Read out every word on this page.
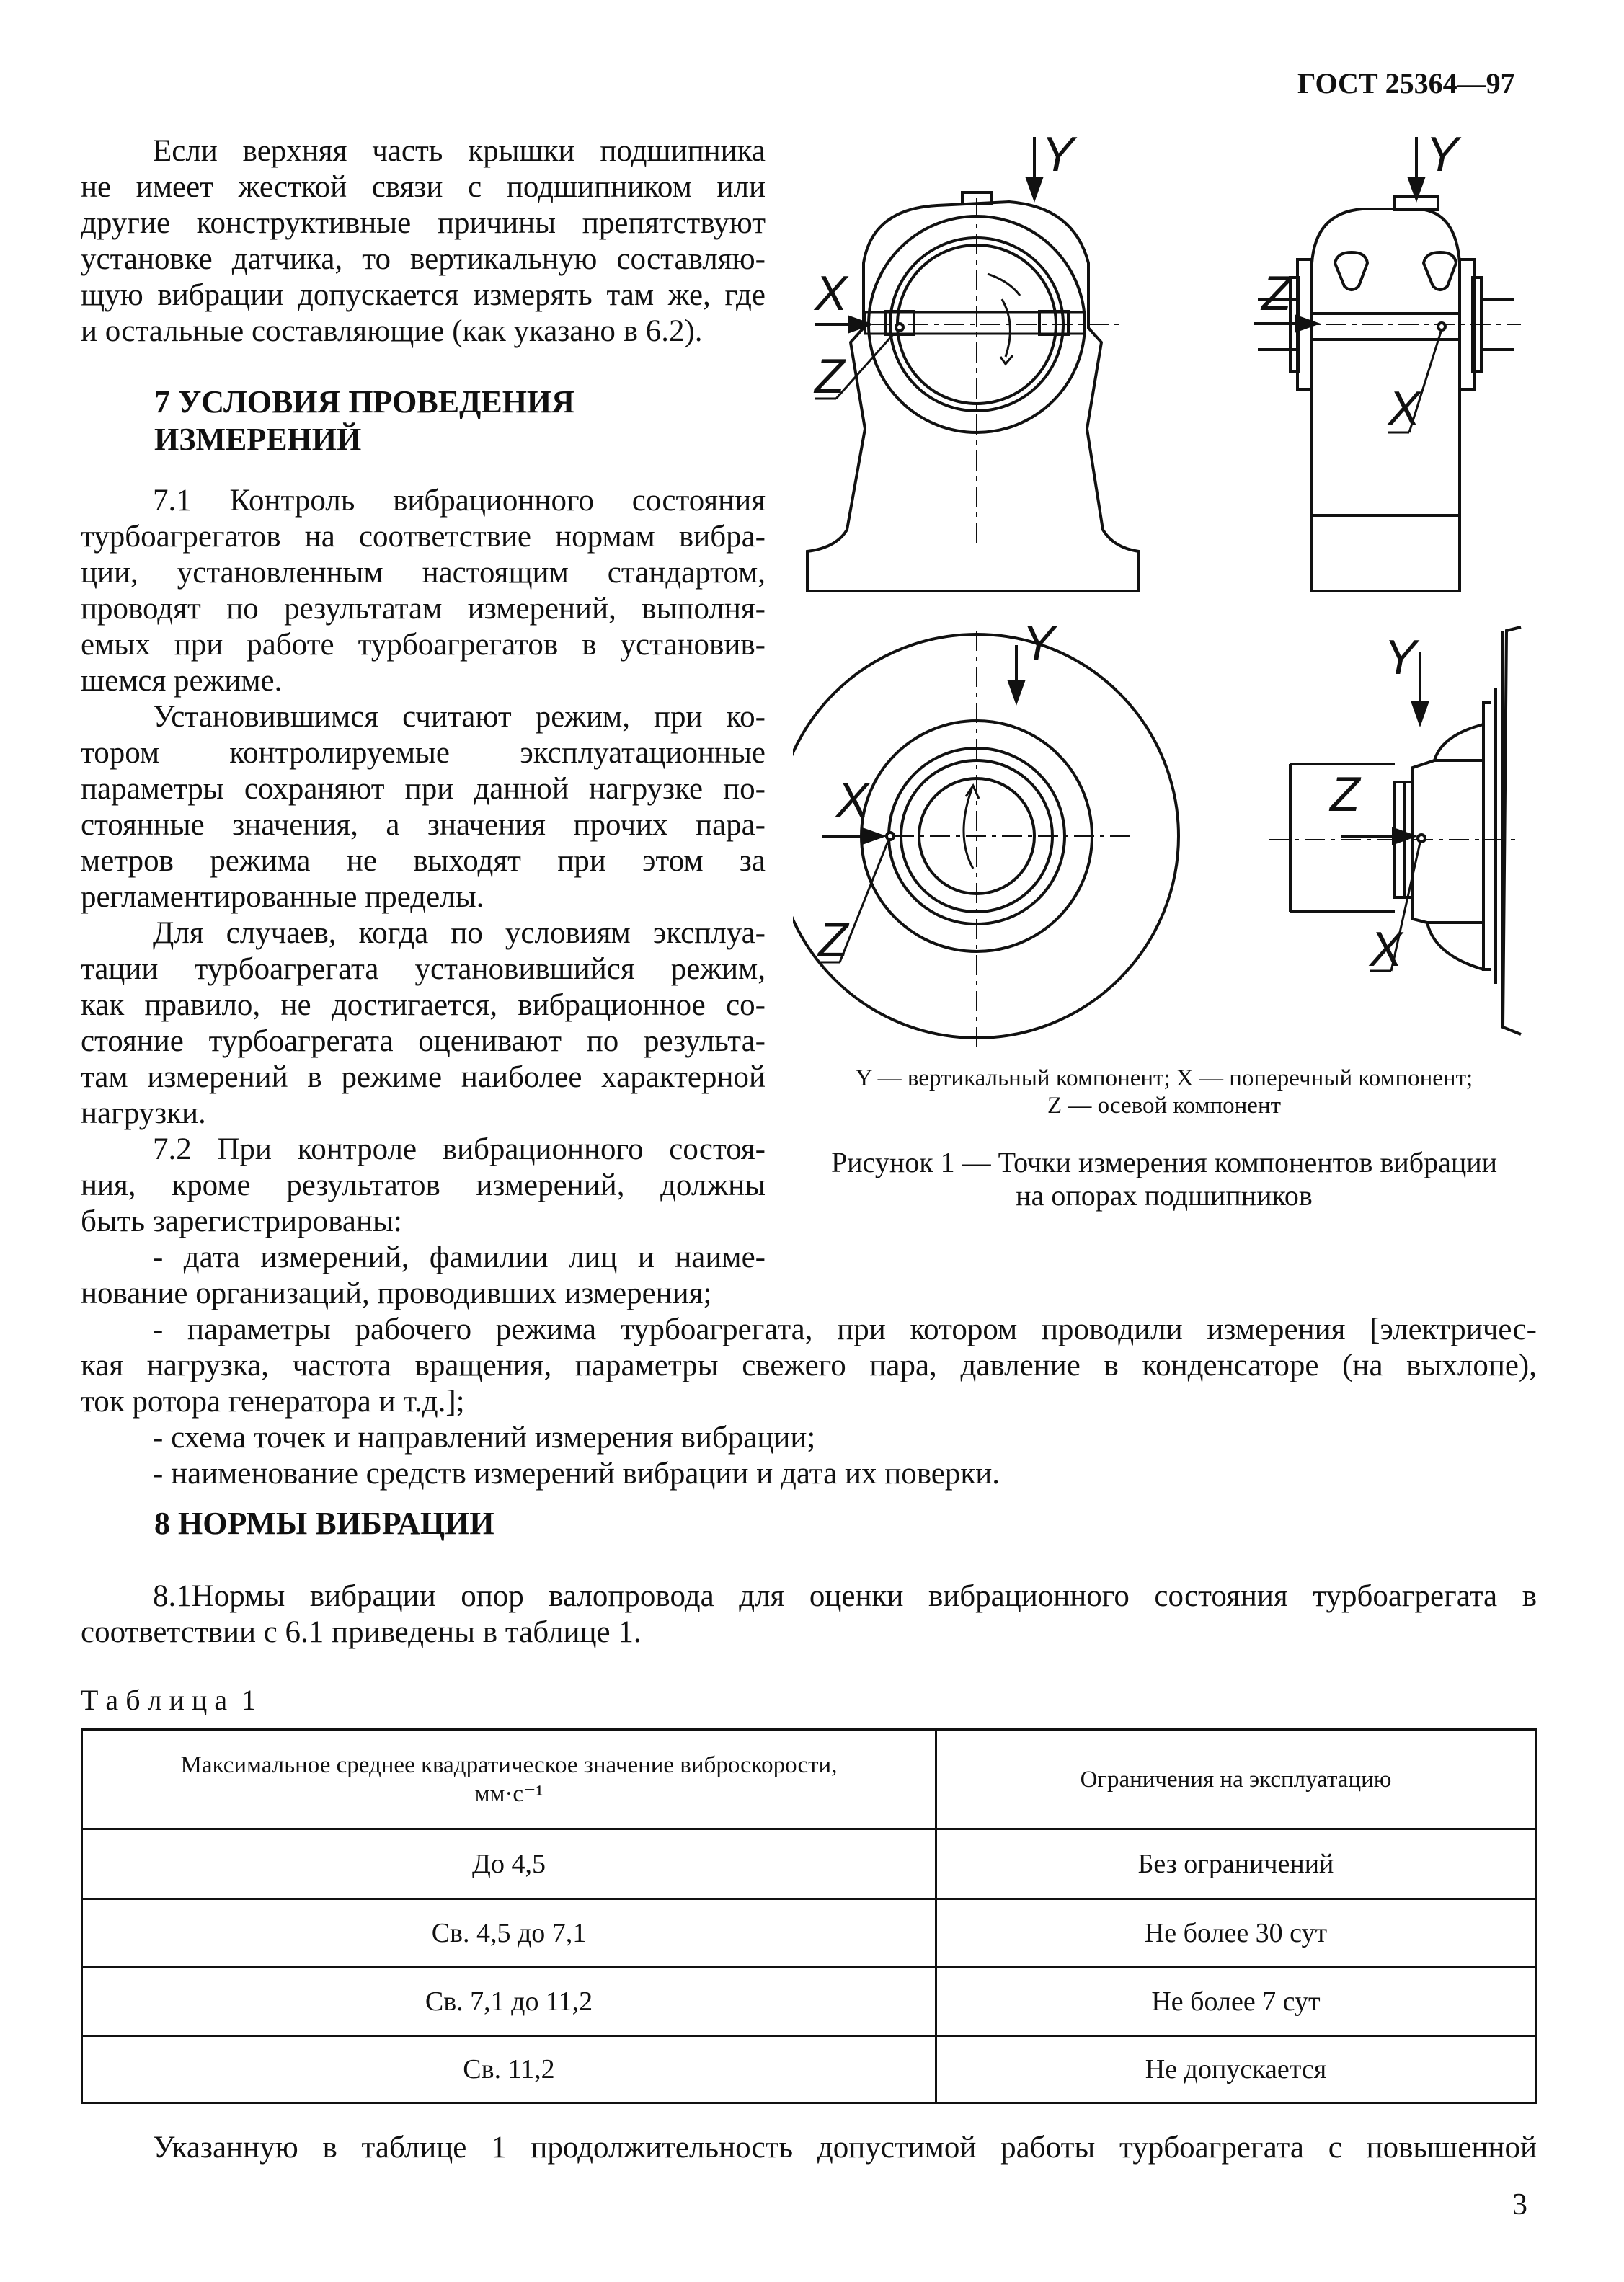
ГОСТ 25364—97
Если верхняя часть крышки подшипника
не имеет жесткой связи с подшипником или
другие конструктивные причины препятствуют
установке датчика, то вертикальную составляю-
щую вибрации допускается измерять там же, где
и остальные составляющие (как указано в 6.2).
7 УСЛОВИЯ ПРОВЕДЕНИЯ
ИЗМЕРЕНИЙ
7.1 Контроль вибрационного состояния
турбоагрегатов на соответствие нормам вибра-
ции, установленным настоящим стандартом,
проводят по результатам измерений, выполня-
емых при работе турбоагрегатов в установив-
шемся режиме.
Установившимся считают режим, при ко-
тором контролируемые эксплуатационные
параметры сохраняют при данной нагрузке по-
стоянные значения, а значения прочих пара-
метров режима не выходят при этом за
регламентированные пределы.
Для случаев, когда по условиям эксплуа-
тации турбоагрегата установившийся режим,
как правило, не достигается, вибрационное со-
стояние турбоагрегата оценивают по результа-
там измерений в режиме наиболее характерной
нагрузки.
7.2 При контроле вибрационного состоя-
ния, кроме результатов измерений, должны
быть зарегистрированы:
- дата измерений, фамилии лиц и наиме-
нование организаций, проводивших измерения;
- параметры рабочего режима турбоагрегата, при котором проводили измерения [электричес-
кая нагрузка, частота вращения, параметры свежего пара, давление в конденсаторе (на выхлопе),
ток ротора генератора и т.д.];
- схема точек и направлений измерения вибрации;
- наименование средств измерений вибрации и дата их поверки.
Y
X
Z
Y
Z
X
Y
X
Z
Y
Z
X
Y — вертикальный компонент; X — поперечный компонент;
Z — осевой компонент
Рисунок 1 — Точки измерения компонентов вибрации
на опорах подшипников
8 НОРМЫ ВИБРАЦИИ
8.1Нормы вибрации опор валопровода для оценки вибрационного состояния турбоагрегата в
соответствии с 6.1 приведены в таблице 1.
Т а б л и ц а  1
Максимальное среднее квадратическое значение виброскорости,
мм·с⁻¹	Ограничения на эксплуатацию
До 4,5	Без ограничений
Св. 4,5 до 7,1	Не более 30 сут
Св. 7,1 до 11,2	Не более 7 сут
Св. 11,2	Не допускается
Указанную в таблице 1 продолжительность допустимой работы турбоагрегата с повышенной
3
